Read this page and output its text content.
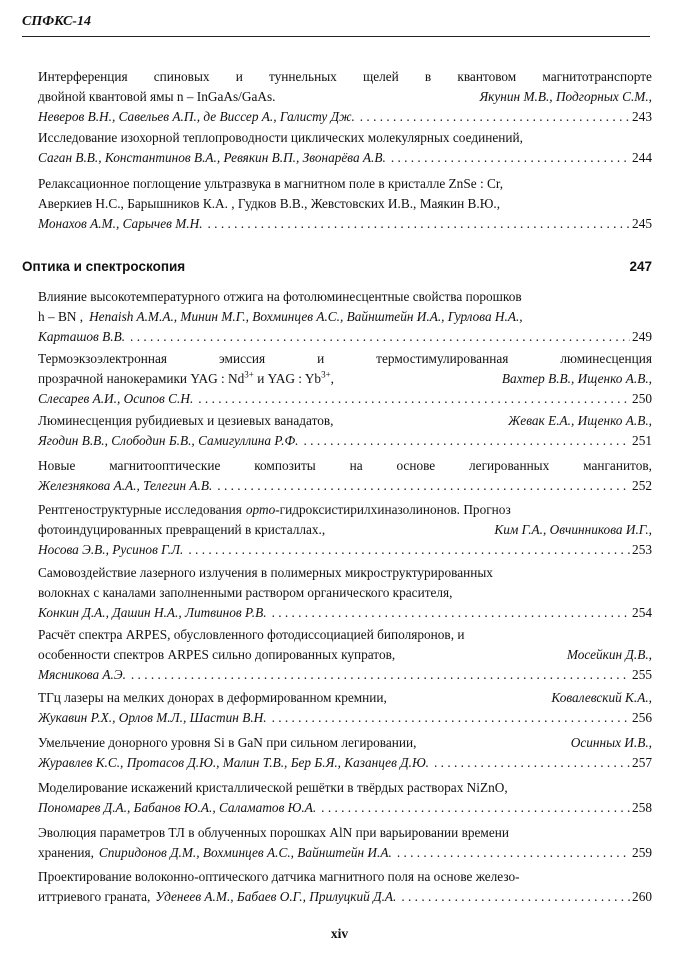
СПФКС-14
Интерференция спиновых и туннельных щелей в квантовом магнитотранспорте
двойной квантовой ямы n – InGaAs/GaAs.	Якунин М.В., Подгорных С.М.,
Неверов В.Н., Савельев А.П., де Виссер А., Галисту Дж. . . .	243
Исследование изохорной теплопроводности циклических молекулярных соединений,
Саган В.В., Константинов В.А., Ревякин В.П., Звонарёва А.В. . . .	244
Релаксационное поглощение ультразвука в магнитном поле в кристалле ZnSe : Cr,
Аверкиев Н.С., Барышников К.А. , Гудков В.В., Жевстовских И.В., Маякин В.Ю.,
Монахов А.М., Сарычев М.Н. . . .	245
Оптика и спектроскопия	247
Влияние высокотемпературного отжига на фотолюминесцентные свойства порошков
h – BN , Henaish A.M.A., Минин М.Г., Вохминцев А.С., Вайнштейн И.А., Гурлова Н.А.,
Карташов В.В. . . .	249
Термоэкзоэлектронная	эмиссия	и	термостимулированная	люминесценция
прозрачной нанокерамики YAG : $Nd^{3+}$ и YAG : $Yb^{3+}$,	Вахтер В.В., Ищенко А.В.,
Слесарев А.И., Осипов С.Н. . . .	250
Люминесценция рубидиевых и цезиевых ванадатов,	Жевак Е.А., Ищенко А.В.,
Ягодин В.В., Слободин Б.В., Самигуллина Р.Ф. . . .	251
Новые	магнитооптические	композиты	на	основе	легированных	манганитов,
Железнякова А.А., Телегин А.В. . . .	252
Рентгеноструктурные исследования орто -гидроксистирилхиназолинонов. Прогноз
фотоиндуцированных превращений в кристаллах.,	Ким Г.А., Овчинникова И.Г.,
Носова Э.В., Русинов Г.Л. . . .	253
Самовоздействие лазерного излучения в полимерных микроструктурированных
волокнах с каналами заполненными раствором органического красителя,
Конкин Д.А., Дашин Н.А., Литвинов Р.В. . . .	254
Расчёт спектра ARPES, обусловленного фотодиссоциацией биполяронов, и
особенности спектров ARPES сильно допированных купратов,	Мосейкин Д.В.,
Мясникова А.Э. . . .	255
ТГц лазеры на мелких донорах в деформированном кремнии,	Ковалевский К.А.,
Жукавин Р.Х., Орлов М.Л., Шастин В.Н. . . .	256
Умельчение донорного уровня Si в GaN при сильном легировании,	Осинных И.В.,
Журавлев К.С., Протасов Д.Ю., Малин Т.В., Бер Б.Я., Казанцев Д.Ю. . . .	257
Моделирование искажений кристаллической решётки в твёрдых растворах NiZnO,
Пономарев Д.А., Бабанов Ю.А., Саламатов Ю.А. . . .	258
Эволюция параметров ТЛ в облученных порошках AlN при варьировании времени
хранения, Спиридонов Д.М., Вохминцев А.С., Вайнштейн И.А. . . .	259
Проектирование волоконно-оптического датчика магнитного поля на основе железо-
иттриевого граната, Уденеев А.М., Бабаев О.Г., Прилуцкий Д.А. . . .	260
xiv
